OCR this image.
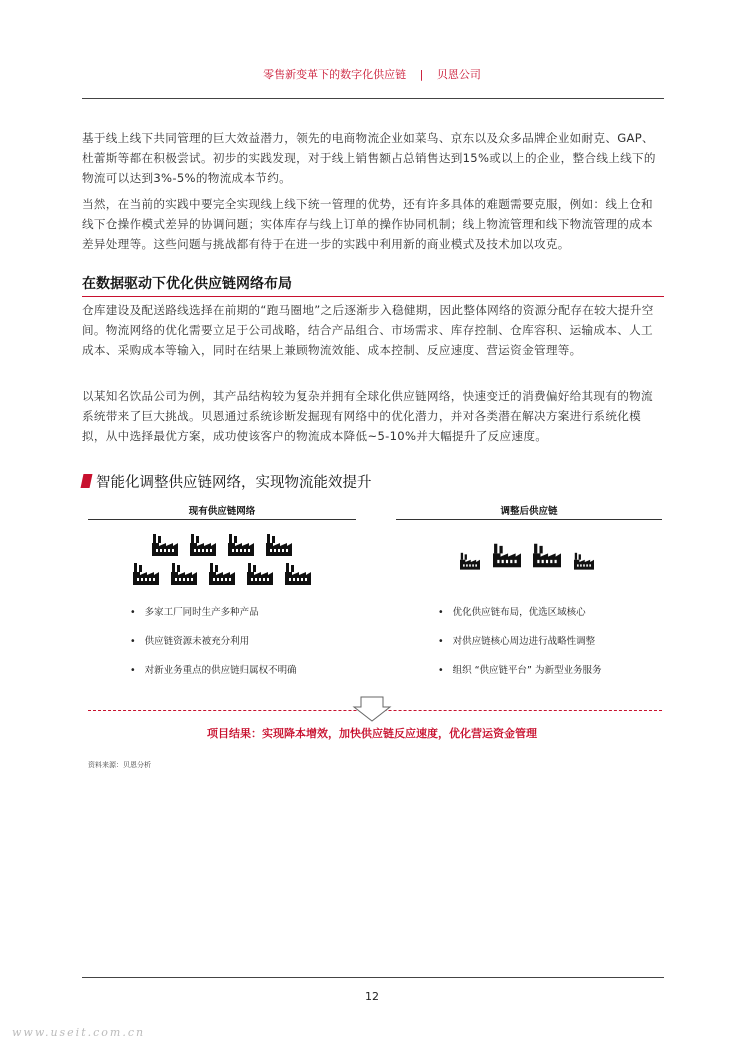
零售新变革下的数字化供应链 | 贝恩公司

基于线上线下共同管理的巨大效益潜力，领先的电商物流企业如菜鸟、京东以及众多品牌企业如耐克、GAP、杜蕾斯等都在积极尝试。初步的实践发现，对于线上销售额占总销售达到15%或以上的企业，整合线上线下的物流可以达到3%-5%的物流成本节约。

当然，在当前的实践中要完全实现线上线下统一管理的优势，还有许多具体的难题需要克服，例如：线上仓和线下仓操作模式差异的协调问题；实体库存与线上订单的操作协同机制；线上物流管理和线下物流管理的成本差异处理等。这些问题与挑战都有待于在进一步的实践中利用新的商业模式及技术加以攻克。

在数据驱动下优化供应链网络布局

仓库建设及配送路线选择在前期的“跑马圈地”之后逐渐步入稳健期，因此整体网络的资源分配存在较大提升空间。物流网络的优化需要立足于公司战略，结合产品组合、市场需求、库存控制、仓库容积、运输成本、人工成本、采购成本等输入，同时在结果上兼顾物流效能、成本控制、反应速度、营运资金管理等。

以某知名饮品公司为例，其产品结构较为复杂并拥有全球化供应链网络，快速变迁的消费偏好给其现有的物流系统带来了巨大挑战。贝恩通过系统诊断发掘现有网络中的优化潜力，并对各类潜在解决方案进行系统化模拟，从中选择最优方案，成功使该客户的物流成本降低~5-10%并大幅提升了反应速度。

智能化调整供应链网络，实现物流能效提升
现有供应链网络	调整后供应链
• 多家工厂同时生产多种产品
• 供应链资源未被充分利用
• 对新业务重点的供应链归属权不明确
• 优化供应链布局，优选区域核心
• 对供应链核心周边进行战略性调整
• 组织 “供应链平台” 为新型业务服务
项目结果：实现降本增效，加快供应链反应速度，优化营运资金管理
资料来源：贝恩分析
12
www.useit.com.cn
